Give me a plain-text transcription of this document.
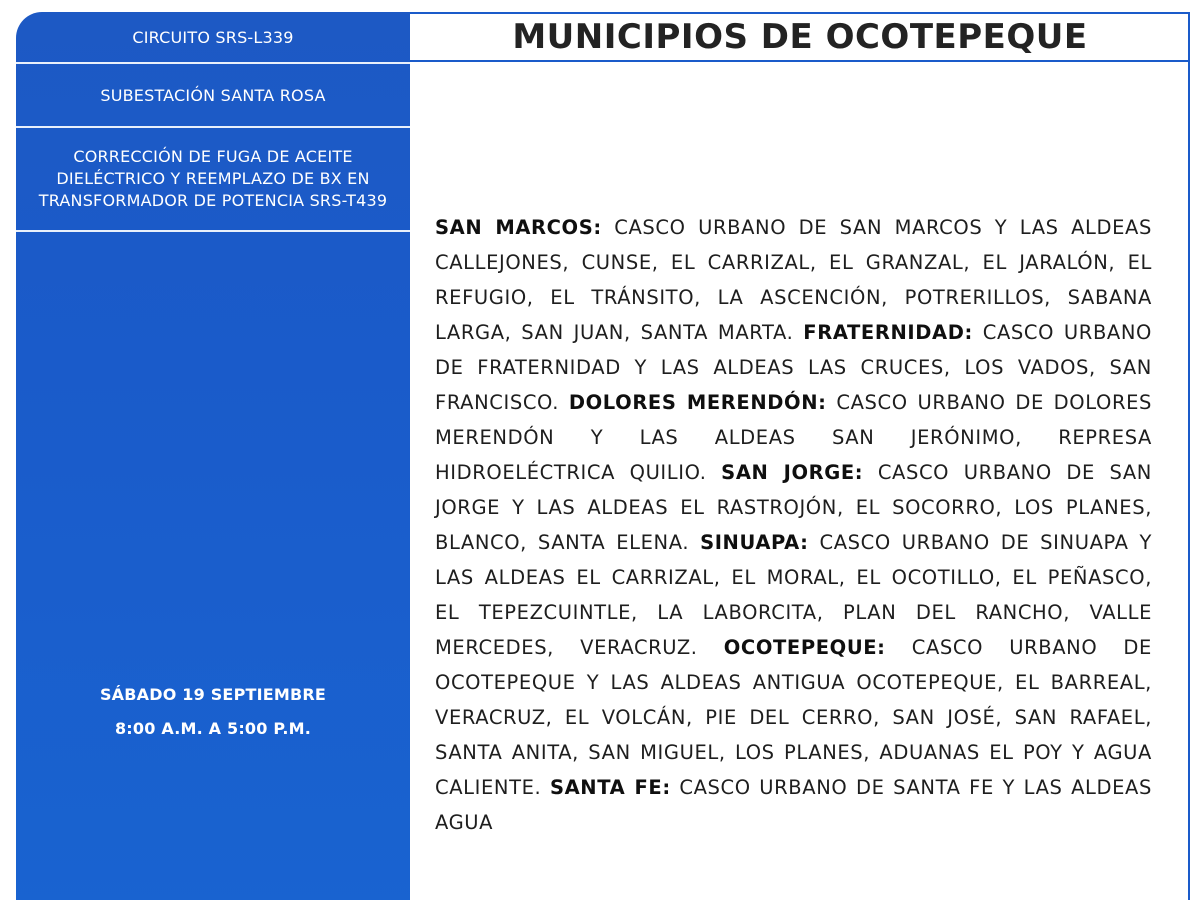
CIRCUITO SRS-L339
SUBESTACIÓN SANTA ROSA
CORRECCIÓN DE FUGA DE ACEITE DIELÉCTRICO Y REEMPLAZO DE BX EN TRANSFORMADOR DE POTENCIA SRS-T439
SÁBADO 19 SEPTIEMBRE
8:00 A.M. A 5:00 P.M.
MUNICIPIOS DE OCOTEPEQUE
SAN MARCOS: CASCO URBANO DE SAN MARCOS Y LAS ALDEAS CALLEJONES, CUNSE, EL CARRIZAL, EL GRANZAL, EL JARALÓN, EL REFUGIO, EL TRÁNSITO, LA ASCENCIÓN, POTRERILLOS, SABANA LARGA, SAN JUAN, SANTA MARTA. FRATERNIDAD: CASCO URBANO DE FRATERNIDAD Y LAS ALDEAS LAS CRUCES, LOS VADOS, SAN FRANCISCO. DOLORES MERENDÓN: CASCO URBANO DE DOLORES MERENDÓN Y LAS ALDEAS SAN JERÓNIMO, REPRESA HIDROELÉCTRICA QUILIO. SAN JORGE: CASCO URBANO DE SAN JORGE Y LAS ALDEAS EL RASTROJÓN, EL SOCORRO, LOS PLANES, BLANCO, SANTA ELENA. SINUAPA: CASCO URBANO DE SINUAPA Y LAS ALDEAS EL CARRIZAL, EL MORAL, EL OCOTILLO, EL PEÑASCO, EL TEPEZCUINTLE, LA LABORCITA, PLAN DEL RANCHO, VALLE MERCEDES, VERACRUZ. OCOTEPEQUE: CASCO URBANO DE OCOTEPEQUE Y LAS ALDEAS ANTIGUA OCOTEPEQUE, EL BARREAL, VERACRUZ, EL VOLCÁN, PIE DEL CERRO, SAN JOSÉ, SAN RAFAEL, SANTA ANITA, SAN MIGUEL, LOS PLANES, ADUANAS EL POY Y AGUA CALIENTE. SANTA FE: CASCO URBANO DE SANTA FE Y LAS ALDEAS AGUA
